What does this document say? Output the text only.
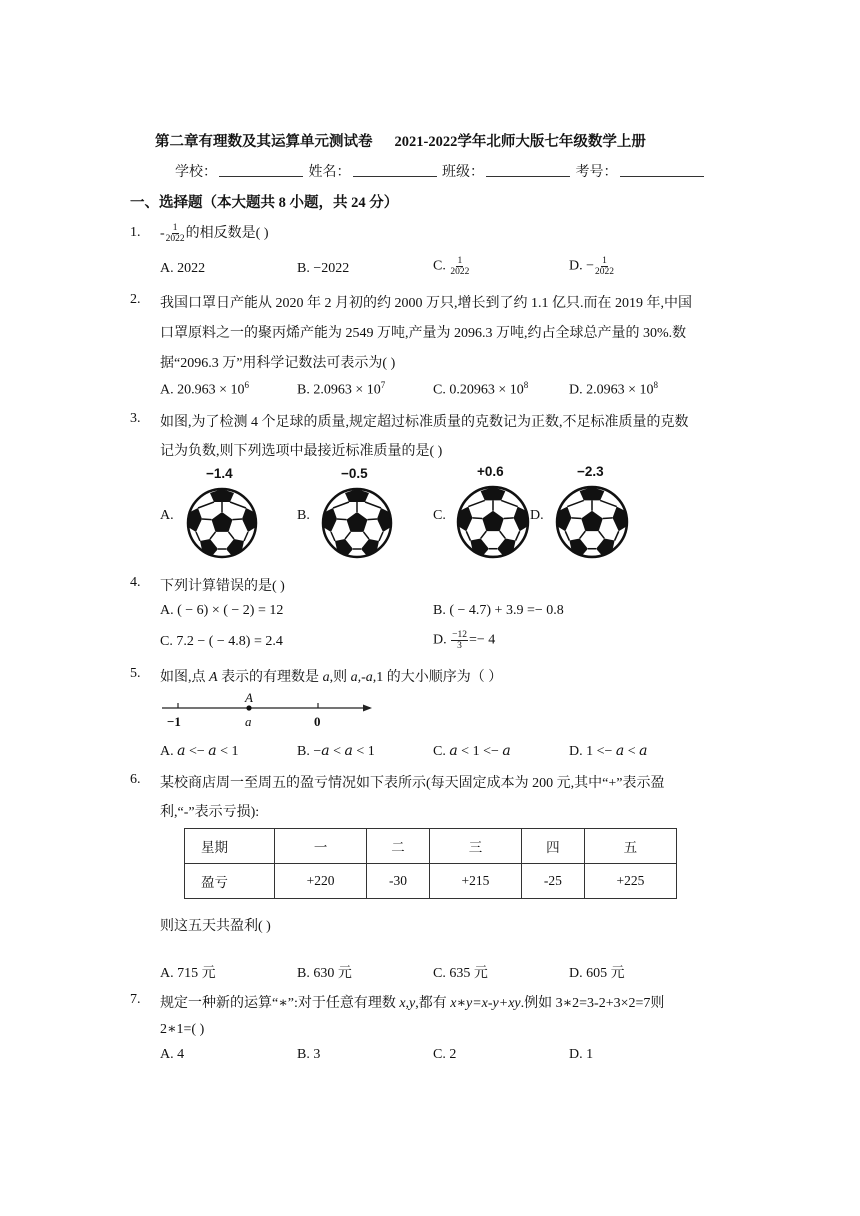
第二章有理数及其运算单元测试卷 2021-2022学年北师大版七年级数学上册
学校：	姓名：	班级：	考号：
一、选择题（本大题共 8 小题，共 24 分）
1.	- $\frac{1}{2022}$ 的相反数是( )
A. 2022	B. −2022	C. $\frac{1}{2022}$	D. − $\frac{1}{2022}$
2.	我国口罩日产能从 2020 年 2 月初的约 2000 万只,增长到了约 1.1 亿只.而在 2019 年,中国
口罩原料之一的聚丙烯产能为 2549 万吨,产量为 2096.3 万吨,约占全球总产量的 30%.数
据“2096.3 万”用科学记数法可表示为( )
A. $20.963 \times 10^6$	B. $2.0963 \times 10^7$	C. $0.20963 \times 10^8$	D. $2.0963 \times 10^8$
3.	如图,为了检测 4 个足球的质量,规定超过标准质量的克数记为正数,不足标准质量的克数
记为负数,则下列选项中最接近标准质量的是( )
A.
−1.4
B.
−0.5
C.
+0.6
D.
−2.3
4.	下列计算错误的是( )
A. ( − 6) × ( − 2) = 12	B. ( − 4.7) + 3.9 =− 0.8
C. 7.2 − ( − 4.8) = 2.4	D. $\frac{-12}{3} =- 4$
5.	如图,点 A 表示的有理数是 a,则 a,-a,1 的大小顺序为（ ）
−1
A
a	0
A. 𝑎 <− 𝑎 < 1	B. −𝑎 < 𝑎 < 1	C. 𝑎 < 1 <− 𝑎	D. 1 <− 𝑎 < 𝑎
6.	某校商店周一至周五的盈亏情况如下表所示(每天固定成本为 200 元,其中“+”表示盈
利,“-”表示亏损):
星期	一	二	三	四	五
盈亏	+220	-30	+215	-25	+225
则这五天共盈利( )
A. 715 元	B. 630 元	C. 635 元	D. 605 元
7.	规定一种新的运算“∗”:对于任意有理数 x,y,都有 x∗y=x-y+xy.例如 3∗2=3-2+3×2=7则
2∗1=( )
A. 4	B. 3	C. 2	D. 1
